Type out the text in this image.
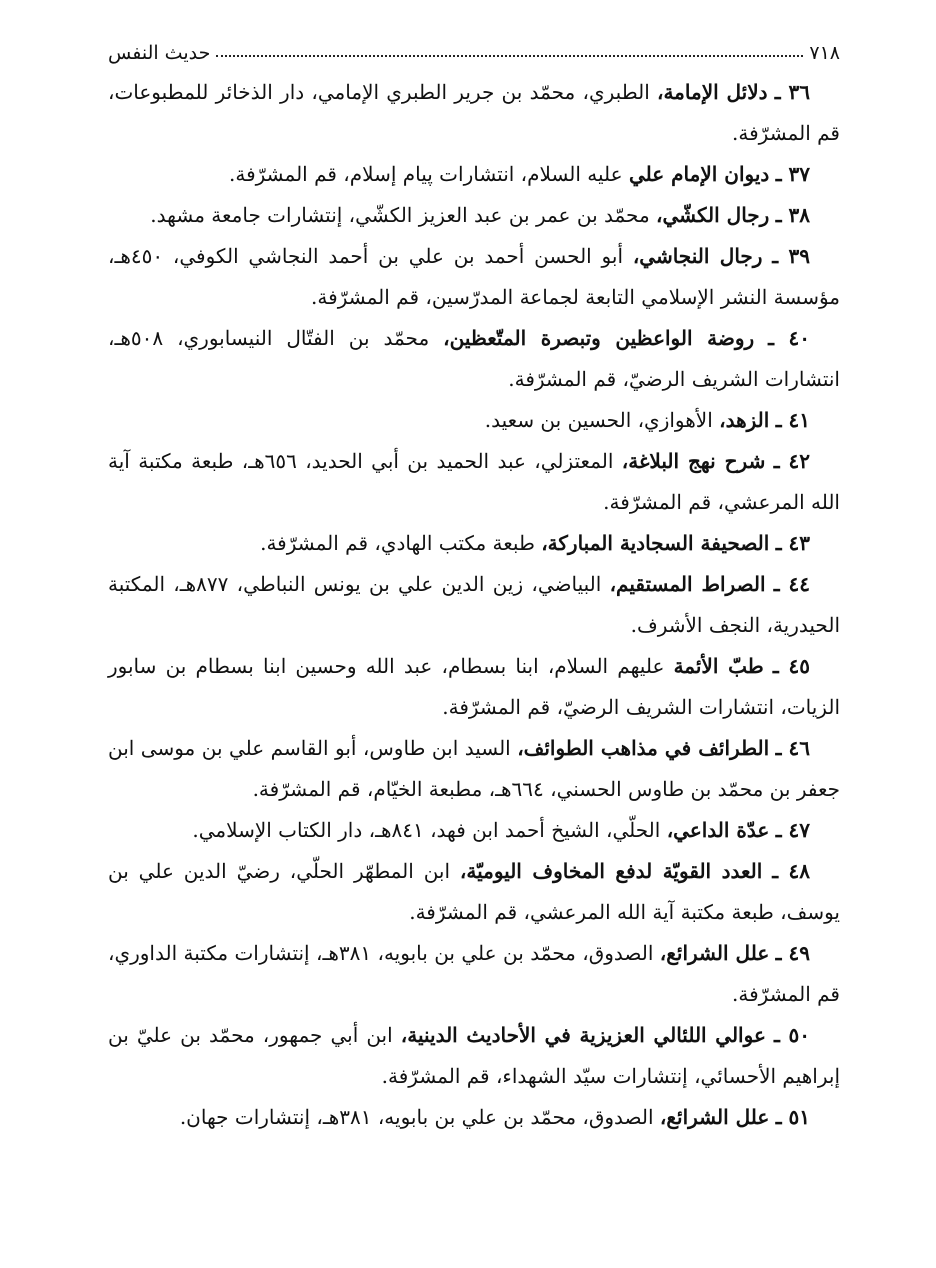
٧١٨
حديث النفس

٣٦ ـ دلائل الإمامة، الطبري، محمّد بن جرير الطبري الإمامي، دار الذخائر للمطبوعات، قم المشرّفة.

٣٧ ـ ديوان الإمام علي عليه السلام، انتشارات پيام إسلام، قم المشرّفة.

٣٨ ـ رجال الكشّي، محمّد بن عمر بن عبد العزيز الكشّي، إنتشارات جامعة مشهد.

٣٩ ـ رجال النجاشي، أبو الحسن أحمد بن علي بن أحمد النجاشي الكوفي، ٤٥٠هـ، مؤسسة النشر الإسلامي التابعة لجماعة المدرّسين، قم المشرّفة.

٤٠ ـ روضة الواعظين وتبصرة المتّعظين، محمّد بن الفتّال النيسابوري، ٥٠٨هـ، انتشارات الشريف الرضيّ، قم المشرّفة.

٤١ ـ الزهد، الأهوازي، الحسين بن سعيد.

٤٢ ـ شرح نهج البلاغة، المعتزلي، عبد الحميد بن أبي الحديد، ٦٥٦هـ، طبعة مكتبة آية الله المرعشي، قم المشرّفة.

٤٣ ـ الصحيفة السجادية المباركة، طبعة مكتب الهادي، قم المشرّفة.

٤٤ ـ الصراط المستقيم، البياضي، زين الدين علي بن يونس النباطي، ٨٧٧هـ، المكتبة الحيدرية، النجف الأشرف.

٤٥ ـ طبّ الأئمة عليهم السلام، ابنا بسطام، عبد الله وحسين ابنا بسطام بن سابور الزيات، انتشارات الشريف الرضيّ، قم المشرّفة.

٤٦ ـ الطرائف في مذاهب الطوائف، السيد ابن طاوس، أبو القاسم علي بن موسى ابن جعفر بن محمّد بن طاوس الحسني، ٦٦٤هـ، مطبعة الخيّام، قم المشرّفة.

٤٧ ـ عدّة الداعي، الحلّي، الشيخ أحمد ابن فهد، ٨٤١هـ، دار الكتاب الإسلامي.

٤٨ ـ العدد القويّة لدفع المخاوف اليوميّة، ابن المطهّر الحلّي، رضيّ الدين علي بن يوسف، طبعة مكتبة آية الله المرعشي، قم المشرّفة.

٤٩ ـ علل الشرائع، الصدوق، محمّد بن علي بن بابويه، ٣٨١هـ، إنتشارات مكتبة الداوري، قم المشرّفة.

٥٠ ـ عوالي اللئالي العزيزية في الأحاديث الدينية، ابن أبي جمهور، محمّد بن عليّ بن إبراهيم الأحسائي، إنتشارات سيّد الشهداء، قم المشرّفة.

٥١ ـ علل الشرائع، الصدوق، محمّد بن علي بن بابويه، ٣٨١هـ، إنتشارات جهان.
